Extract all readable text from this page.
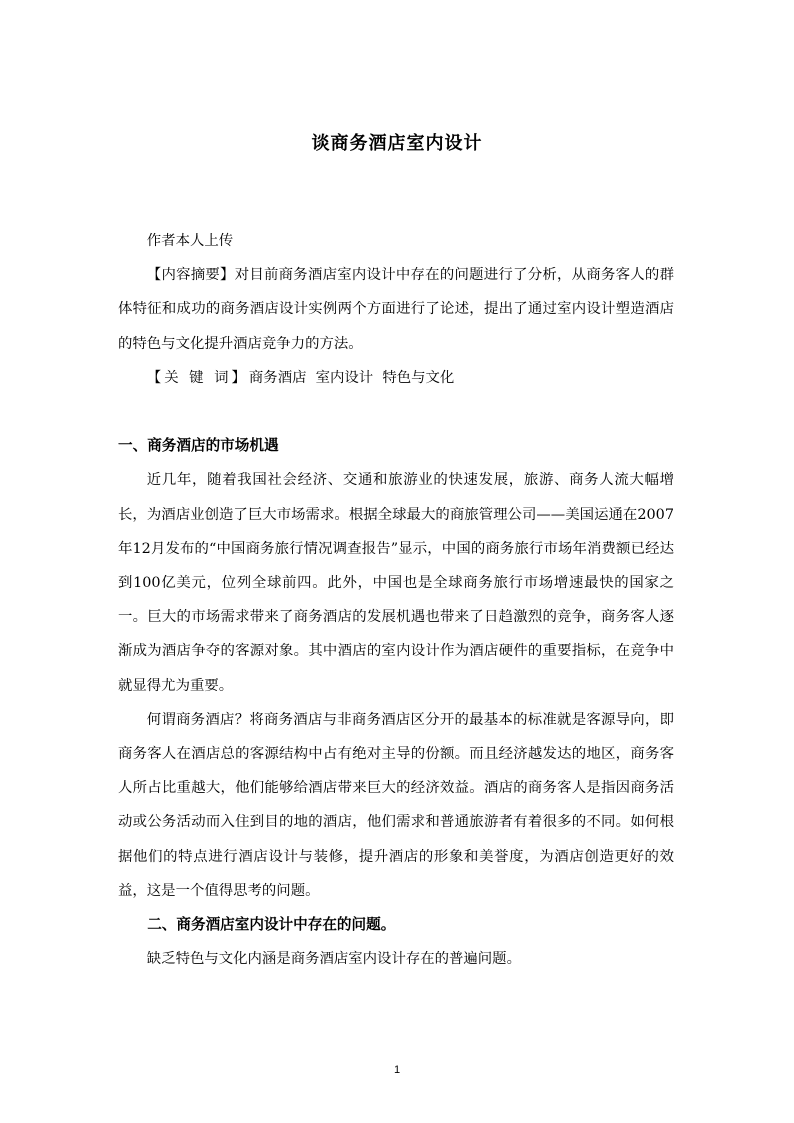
谈商务酒店室内设计

作者本人上传

【内容摘要】对目前商务酒店室内设计中存在的问题进行了分析，从商务客人的群体特征和成功的商务酒店设计实例两个方面进行了论述，提出了通过室内设计塑造酒店的特色与文化提升酒店竞争力的方法。

【关 键 词】商务酒店  室内设计  特色与文化

一、商务酒店的市场机遇

近几年，随着我国社会经济、交通和旅游业的快速发展，旅游、商务人流大幅增长，为酒店业创造了巨大市场需求。根据全球最大的商旅管理公司——美国运通在2007年12月发布的“中国商务旅行情况调查报告”显示，中国的商务旅行市场年消费额已经达到100亿美元，位列全球前四。此外，中国也是全球商务旅行市场增速最快的国家之一。巨大的市场需求带来了商务酒店的发展机遇也带来了日趋激烈的竞争，商务客人逐渐成为酒店争夺的客源对象。其中酒店的室内设计作为酒店硬件的重要指标，在竞争中就显得尤为重要。

何谓商务酒店？将商务酒店与非商务酒店区分开的最基本的标准就是客源导向，即商务客人在酒店总的客源结构中占有绝对主导的份额。而且经济越发达的地区，商务客人所占比重越大，他们能够给酒店带来巨大的经济效益。酒店的商务客人是指因商务活动或公务活动而入住到目的地的酒店，他们需求和普通旅游者有着很多的不同。如何根据他们的特点进行酒店设计与装修，提升酒店的形象和美誉度，为酒店创造更好的效益，这是一个值得思考的问题。

二、商务酒店室内设计中存在的问题。

缺乏特色与文化内涵是商务酒店室内设计存在的普遍问题。

1
